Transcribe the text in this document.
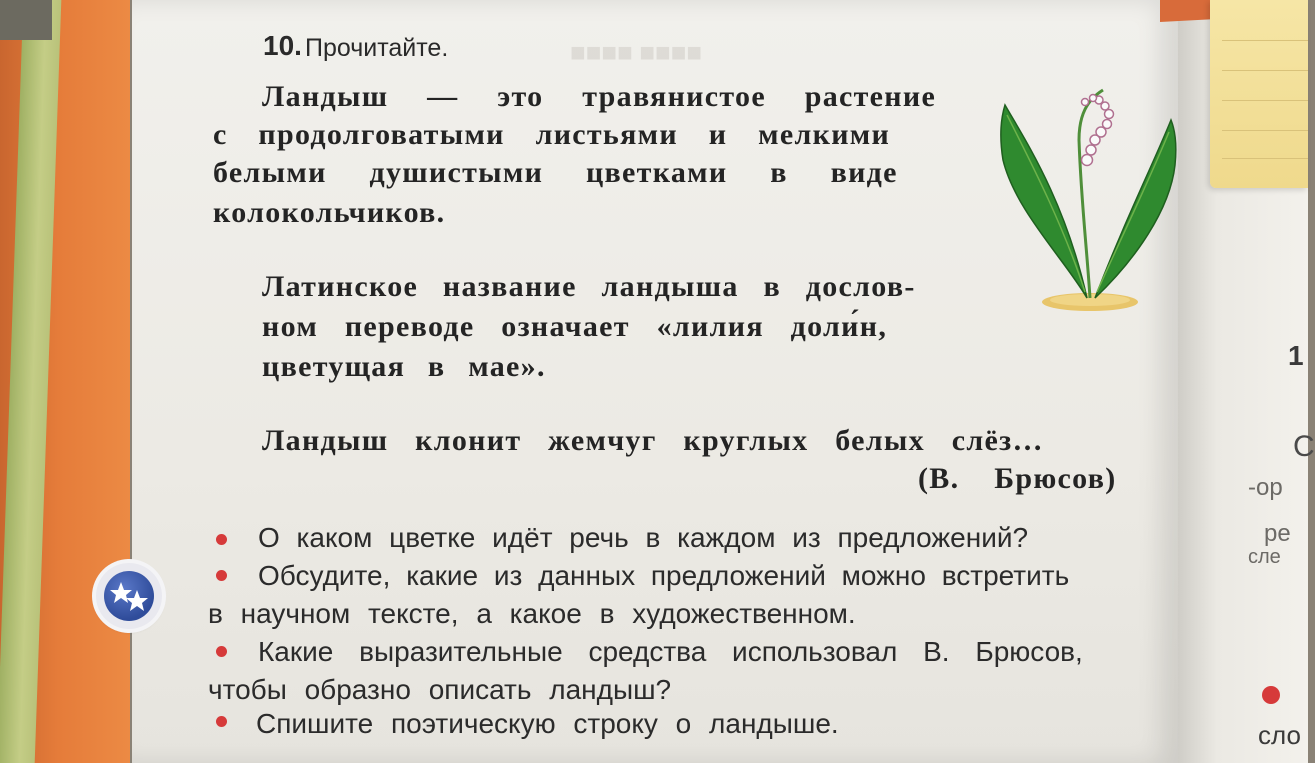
■■■■ ■■■■
10. Прочитайте.
Ландыш — это травянистое растение
с продолговатыми листьями и мелкими
белыми душистыми цветками в виде
колокольчиков.
Латинское название ландыша в дослов-
ном переводе означает «лилия доли́н,
цветущая в мае».
Ландыш клонит жемчуг круглых белых слёз…
(В. Брюсов)
О каком цветке идёт речь в каждом из предложений?
Обсудите, какие из данных предложений можно встретить
в научном тексте, а какое в художественном.
Какие выразительные средства использовал В. Брюсов,
чтобы образно описать ландыш?
Спишите поэтическую строку о ландыше.
1
С
-ор
ре
сле
сло
